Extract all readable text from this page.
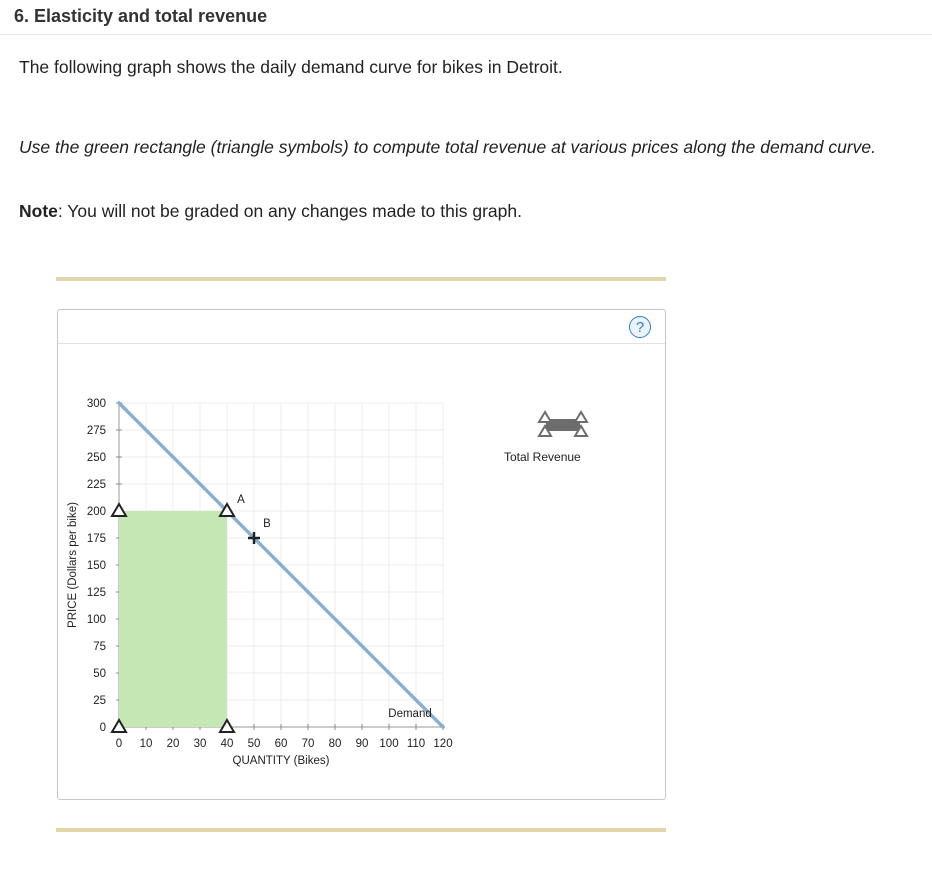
6. Elasticity and total revenue

The following graph shows the daily demand curve for bikes in Detroit.

Use the green rectangle (triangle symbols) to compute total revenue at various prices along the demand curve.

Note: You will not be graded on any changes made to this graph.

?
0
25
50
75
100
125
150
175
200
225
250
275
300
0 10 20 30 40 50 60 70 80 90 100 110 120
QUANTITY (Bikes)
PRICE (Dollars per bike)
Demand
A
B
Total Revenue
